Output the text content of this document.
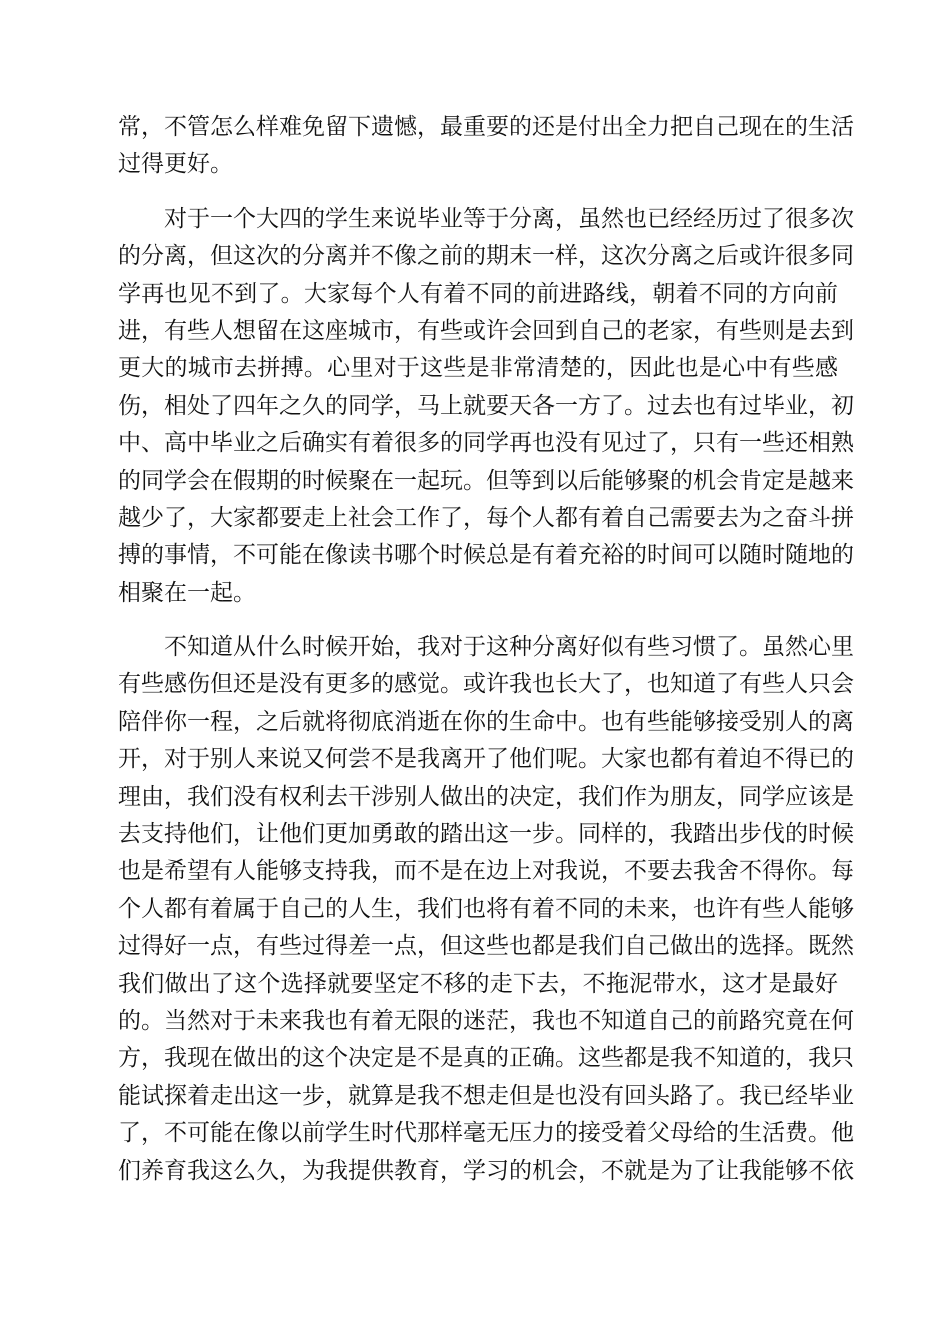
常，不管怎么样难免留下遗憾，最重要的还是付出全力把自己现在的生活
过得更好。
对于一个大四的学生来说毕业等于分离，虽然也已经经历过了很多次
的分离，但这次的分离并不像之前的期末一样，这次分离之后或许很多同
学再也见不到了。大家每个人有着不同的前进路线，朝着不同的方向前
进，有些人想留在这座城市，有些或许会回到自己的老家，有些则是去到
更大的城市去拼搏。心里对于这些是非常清楚的，因此也是心中有些感
伤，相处了四年之久的同学，马上就要天各一方了。过去也有过毕业，初
中、高中毕业之后确实有着很多的同学再也没有见过了，只有一些还相熟
的同学会在假期的时候聚在一起玩。但等到以后能够聚的机会肯定是越来
越少了，大家都要走上社会工作了，每个人都有着自己需要去为之奋斗拼
搏的事情，不可能在像读书哪个时候总是有着充裕的时间可以随时随地的
相聚在一起。
不知道从什么时候开始，我对于这种分离好似有些习惯了。虽然心里
有些感伤但还是没有更多的感觉。或许我也长大了，也知道了有些人只会
陪伴你一程，之后就将彻底消逝在你的生命中。也有些能够接受别人的离
开，对于别人来说又何尝不是我离开了他们呢。大家也都有着迫不得已的
理由，我们没有权利去干涉别人做出的决定，我们作为朋友，同学应该是
去支持他们，让他们更加勇敢的踏出这一步。同样的，我踏出步伐的时候
也是希望有人能够支持我，而不是在边上对我说，不要去我舍不得你。每
个人都有着属于自己的人生，我们也将有着不同的未来，也许有些人能够
过得好一点，有些过得差一点，但这些也都是我们自己做出的选择。既然
我们做出了这个选择就要坚定不移的走下去，不拖泥带水，这才是最好
的。当然对于未来我也有着无限的迷茫，我也不知道自己的前路究竟在何
方，我现在做出的这个决定是不是真的正确。这些都是我不知道的，我只
能试探着走出这一步，就算是我不想走但是也没有回头路了。我已经毕业
了，不可能在像以前学生时代那样毫无压力的接受着父母给的生活费。他
们养育我这么久，为我提供教育，学习的机会，不就是为了让我能够不依
